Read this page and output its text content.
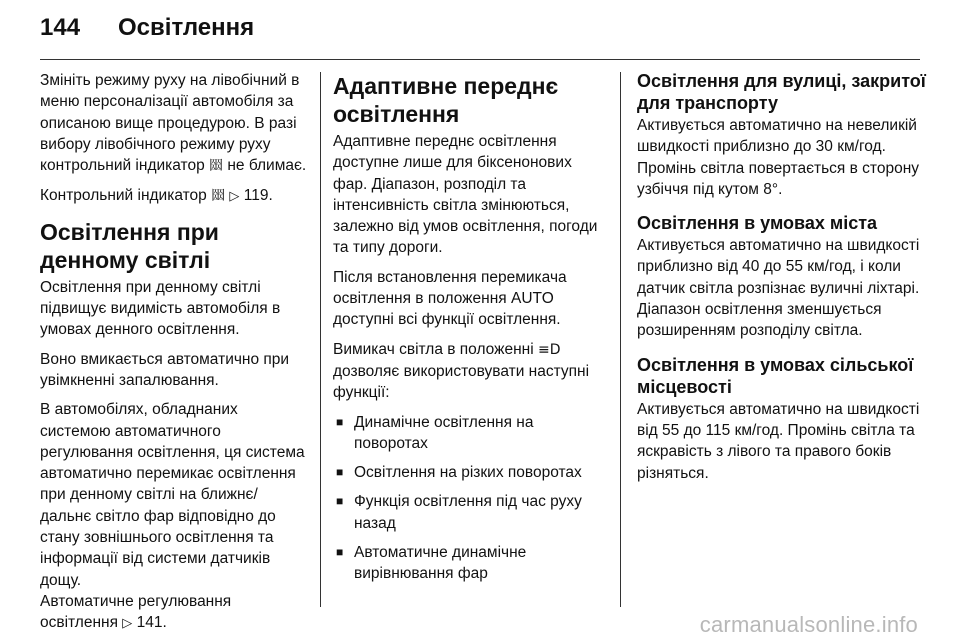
144 Освітлення

Змініть режиму руху на лівобічний в меню персоналізації автомобіля за описаною вище процедурою. В разі вибору лівобічного режиму руху контрольний індикатор 𡈍 не блимає.

Контрольний індикатор 𡈍 ▷ 119.

Освітлення при денному світлі

Освітлення при денному світлі підвищує видимість автомобіля в умовах денного освітлення.

Воно вмикається автоматично при увімкненні запалювання.

В автомобілях, обладнаних системою автоматичного регулювання освітлення, ця система автоматично перемикає освітлення при денному світлі на ближнє/дальнє світло фар відповідно до стану зовнішнього освітлення та інформації від системи датчиків дощу.

Автоматичне регулювання освітлення ▷ 141.

Адаптивне переднє освітлення

Адаптивне переднє освітлення доступне лише для біксенонових фар. Діапазон, розподіл та інтенсивність світла змінюються, залежно від умов освітлення, погоди та типу дороги.

Після встановлення перемикача освітлення в положення AUTO доступні всі функції освітлення.

Вимикач світла в положенні ≡D дозволяє використовувати наступні функції:

■ Динамічне освітлення на поворотах
■ Освітлення на різких поворотах
■ Функція освітлення під час руху назад
■ Автоматичне динамічне вирівнювання фар
Освітлення для вулиці, закритої для транспорту

Активується автоматично на невеликій швидкості приблизно до 30 км/год. Промінь світла повертається в сторону узбіччя під кутом 8°.

Освітлення в умовах міста

Активується автоматично на швидкості приблизно від 40 до 55 км/год, і коли датчик світла розпізнає вуличні ліхтарі. Діапазон освітлення зменшується розширенням розподілу світла.

Освітлення в умовах сільської місцевості

Активується автоматично на швидкості від 55 до 115 км/год. Промінь світла та яскравість з лівого та правого боків різняться.

carmanualsonline.info
